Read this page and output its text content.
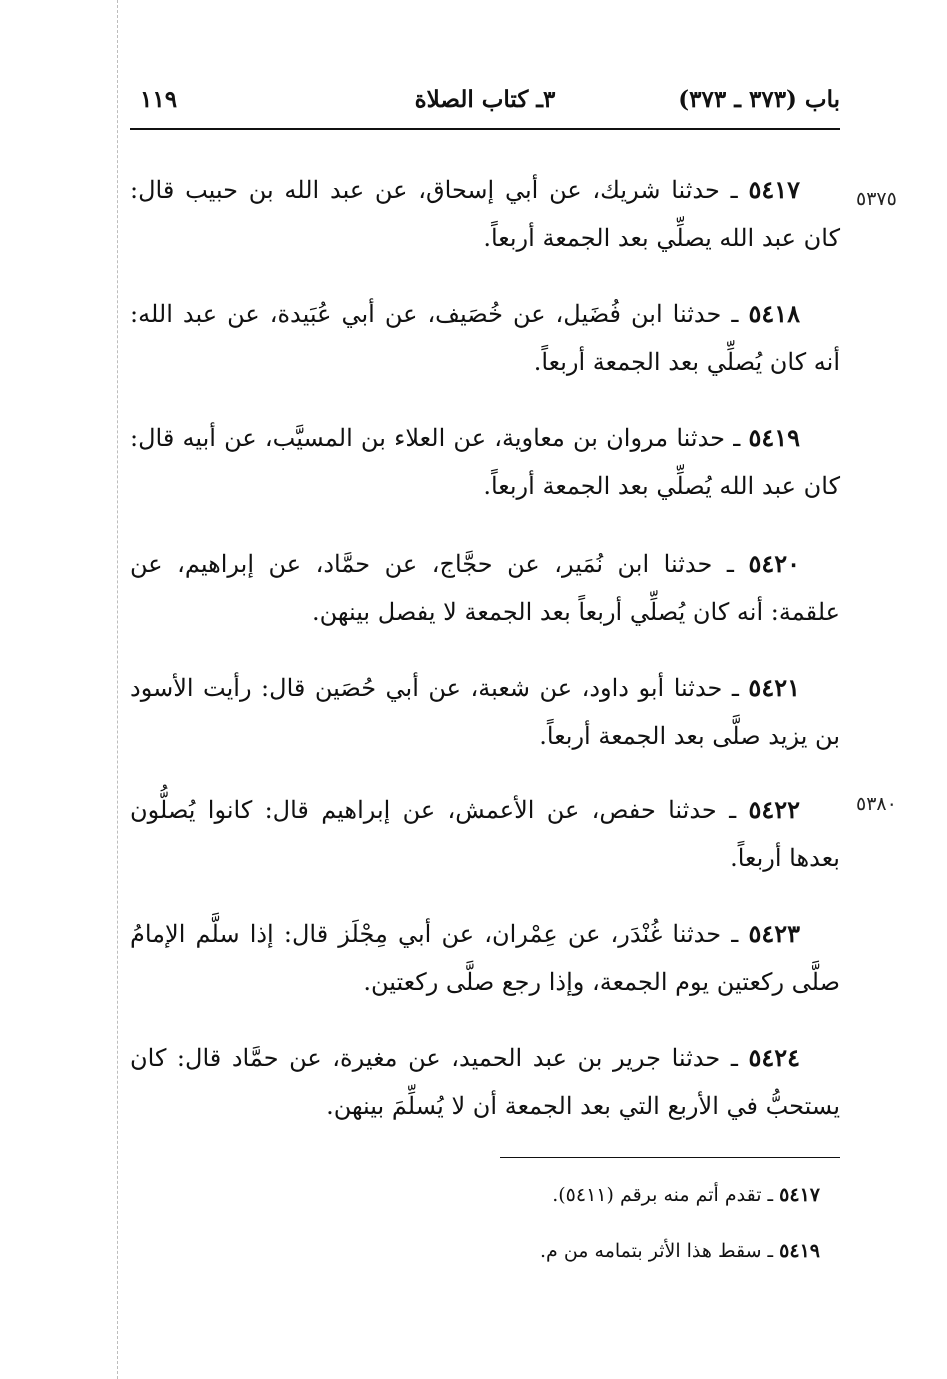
باب (٣٧٣ ـ ٣٧٣)
٣ـ كتاب الصلاة
١١٩
٥٣٧٥
٥٣٨٠
٥٤١٧ ـ حدثنا شريك، عن أبي إسحاق، عن عبد الله بن حبيب قال: كان عبد الله يصلِّي بعد الجمعة أربعاً.
٥٤١٨ ـ حدثنا ابن فُضَيل، عن خُصَيف، عن أبي عُبَيدة، عن عبد الله: أنه كان يُصلِّي بعد الجمعة أربعاً.
٥٤١٩ ـ حدثنا مروان بن معاوية، عن العلاء بن المسيَّب، عن أبيه قال: كان عبد الله يُصلِّي بعد الجمعة أربعاً.
٥٤٢٠ ـ حدثنا ابن نُمَير، عن حجَّاج، عن حمَّاد، عن إبراهيم، عن علقمة: أنه كان يُصلِّي أربعاً بعد الجمعة لا يفصل بينهن.
٥٤٢١ ـ حدثنا أبو داود، عن شعبة، عن أبي حُصَين قال: رأيت الأسود بن يزيد صلَّى بعد الجمعة أربعاً.
٥٤٢٢ ـ حدثنا حفص، عن الأعمش، عن إبراهيم قال: كانوا يُصلُّون بعدها أربعاً.
٥٤٢٣ ـ حدثنا غُنْدَر، عن عِمْران، عن أبي مِجْلَز قال: إذا سلَّم الإمامُ صلَّى ركعتين يوم الجمعة، وإذا رجع صلَّى ركعتين.
٥٤٢٤ ـ حدثنا جرير بن عبد الحميد، عن مغيرة، عن حمَّاد قال: كان يستحبُّ في الأربع التي بعد الجمعة أن لا يُسلِّمَ بينهن.
٥٤١٧ ـ تقدم أتم منه برقم (٥٤١١).
٥٤١٩ ـ سقط هذا الأثر بتمامه من م.
